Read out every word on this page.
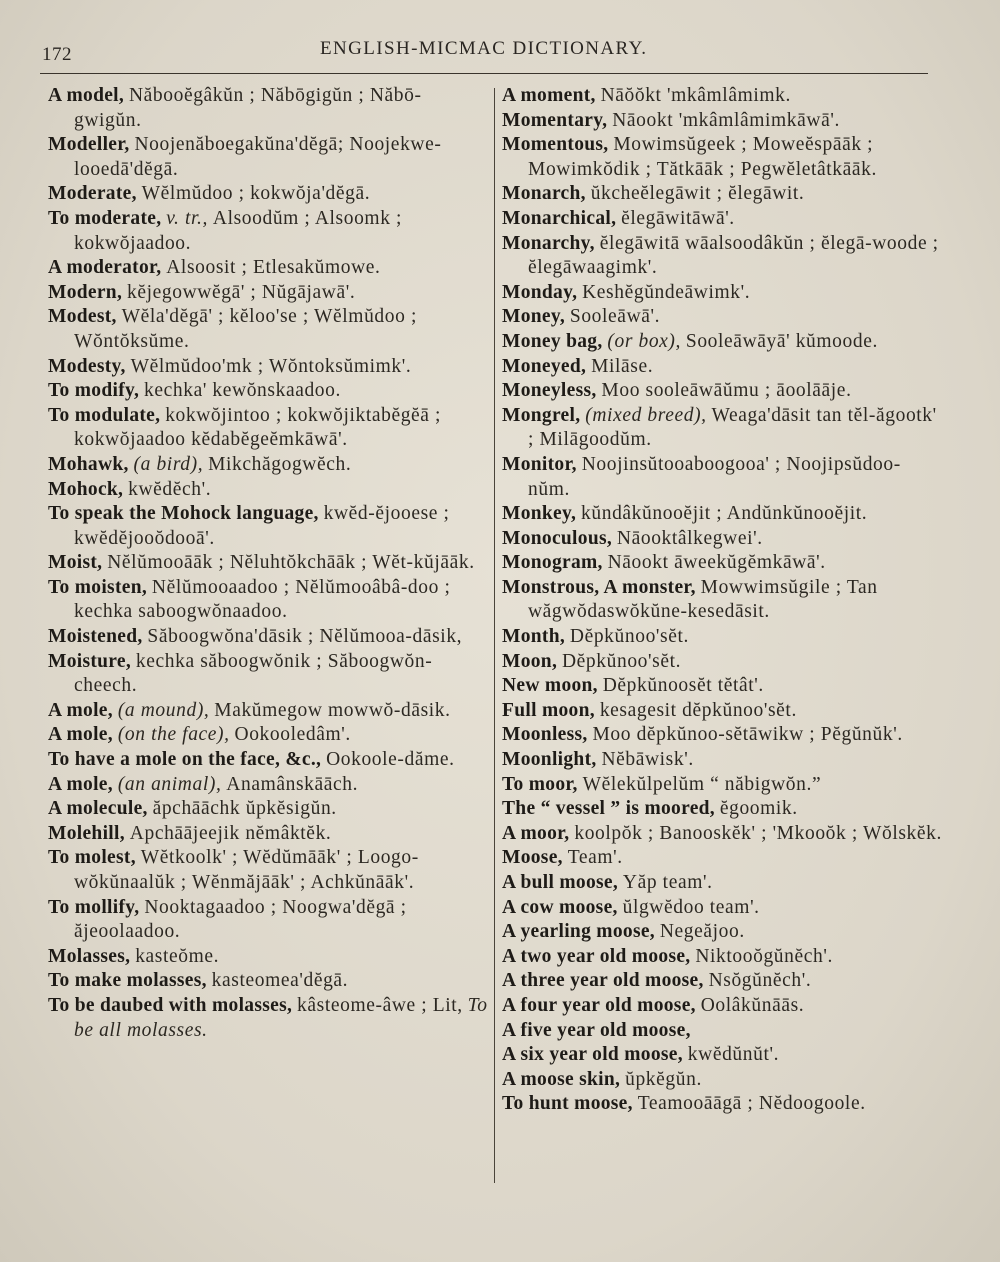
172	ENGLISH-MICMAC DICTIONARY.

A model, Năbooĕgâkŭn ; Năbōgigŭn ; Năbō-gwigŭn.

Modeller, Noojenăboegakŭna'dĕgā; Noojekwe-looedā'dĕgā.

Moderate, Wĕlmŭdoo ; kokwŏja'dĕgā.

To moderate, v. tr., Alsoodŭm ; Alsoomk ; kokwŏjaadoo.

A moderator, Alsoosit ; Etlesakŭmowe.

Modern, kĕjegowwĕgā' ; Nŭgājawā'.

Modest, Wĕla'dĕgā' ; kĕloo'se ; Wĕlmŭdoo ; Wŏntŏksŭme.

Modesty, Wĕlmŭdoo'mk ; Wŏntoksŭmimk'.

To modify, kechka' kewŏnskaadoo.

To modulate, kokwŏjintoo ; kokwŏjiktabĕgĕā ; kokwŏjaadoo kĕdabĕgeĕmkāwā'.

Mohawk, (a bird), Mikchăgogwĕch.

Mohock, kwĕdĕch'.

To speak the Mohock language, kwĕd-ĕjooese ; kwĕdĕjooŏdooā'.

Moist, Nĕlŭmooāāk ; Nĕluhtŏkchāāk ; Wĕt-kŭjāāk.

To moisten, Nĕlŭmooaadoo ; Nĕlŭmooâbâ-doo ; kechka saboogwŏnaadoo.

Moistened, Săboogwŏna'dāsik ; Nĕlŭmooa-dāsik,

Moisture, kechka săboogwŏnik ; Săboogwŏn-cheech.

A mole, (a mound), Makŭmegow mowwŏ-dāsik.

A mole, (on the face), Ookooledâm'.

To have a mole on the face, &c., Ookoole-dăme.

A mole, (an animal), Anamânskāāch.

A molecule, ăpchāāchk ŭpkĕsigŭn.

Molehill, Apchāājeejik nĕmâktĕk.

To molest, Wĕtkoolk' ; Wĕdŭmāāk' ; Loogo-wŏkŭnaalŭk ; Wĕnmăjāāk' ; Achkŭnāāk'.

To mollify, Nooktagaadoo ; Noogwa'dĕgā ; ăjeoolaadoo.

Molasses, kasteŏme.

To make molasses, kasteomea'dĕgā.

To be daubed with molasses, kâsteome-âwe ; Lit, To be all molasses.

A moment, Nāŏŏkt 'mkâmlâmimk.

Momentary, Nāookt 'mkâmlâmimkāwā'.

Momentous, Mowimsŭgeek ; Moweĕspāāk ; Mowimkŏdik ; Tătkāāk ; Pegwĕletâtkāāk.

Monarch, ŭkcheĕlegāwit ; ĕlegāwit.

Monarchical, ĕlegāwitāwā'.

Monarchy, ĕlegāwitā wāalsoodâkŭn ; ĕlegā-woode ; ĕlegāwaagimk'.

Monday, Keshĕgŭndeāwimk'.

Money, Sooleāwā'.

Money bag, (or box), Sooleāwāyā' kŭmoode.

Moneyed, Milāse.

Moneyless, Moo sooleāwāŭmu ; āoolāāje.

Mongrel, (mixed breed), Weaga'dāsit tan tĕl-ăgootk' ; Milāgoodŭm.

Monitor, Noojinsŭtooaboogooa' ; Noojipsŭdoo-nŭm.

Monkey, kŭndâkŭnooĕjit ; Andŭnkŭnooĕjit.

Monoculous, Nāooktâlkegwei'.

Monogram, Nāookt āweekŭgĕmkāwā'.

Monstrous, A monster, Mowwimsŭgile ; Tan wăgwŏdaswŏkŭne-kesedāsit.

Month, Dĕpkŭnoo'sĕt.

Moon, Dĕpkŭnoo'sĕt.

New moon, Dĕpkŭnoosĕt tĕtât'.

Full moon, kesagesit dĕpkŭnoo'sĕt.

Moonless, Moo dĕpkŭnoo-sĕtāwikw ; Pĕgŭnŭk'.

Moonlight, Nĕbāwisk'.

To moor, Wĕlekŭlpelŭm “ năbigwŏn.”

The “ vessel ” is moored, ĕgoomik.

A moor, koolpŏk ; Banooskĕk' ; 'Mkooŏk ; Wŏlskĕk.

Moose, Team'.

A bull moose, Yăp team'.

A cow moose, ŭlgwĕdoo team'.

A yearling moose, Negeăjoo.

A two year old moose, Niktooŏgŭnĕch'.

A three year old moose, Nsŏgŭnĕch'.

A four year old moose, Oolâkŭnāās.

A five year old moose,

A six year old moose, kwĕdŭnŭt'.

A moose skin, ŭpkĕgŭn.

To hunt moose, Teamooāāgā ; Nĕdoogoole.
